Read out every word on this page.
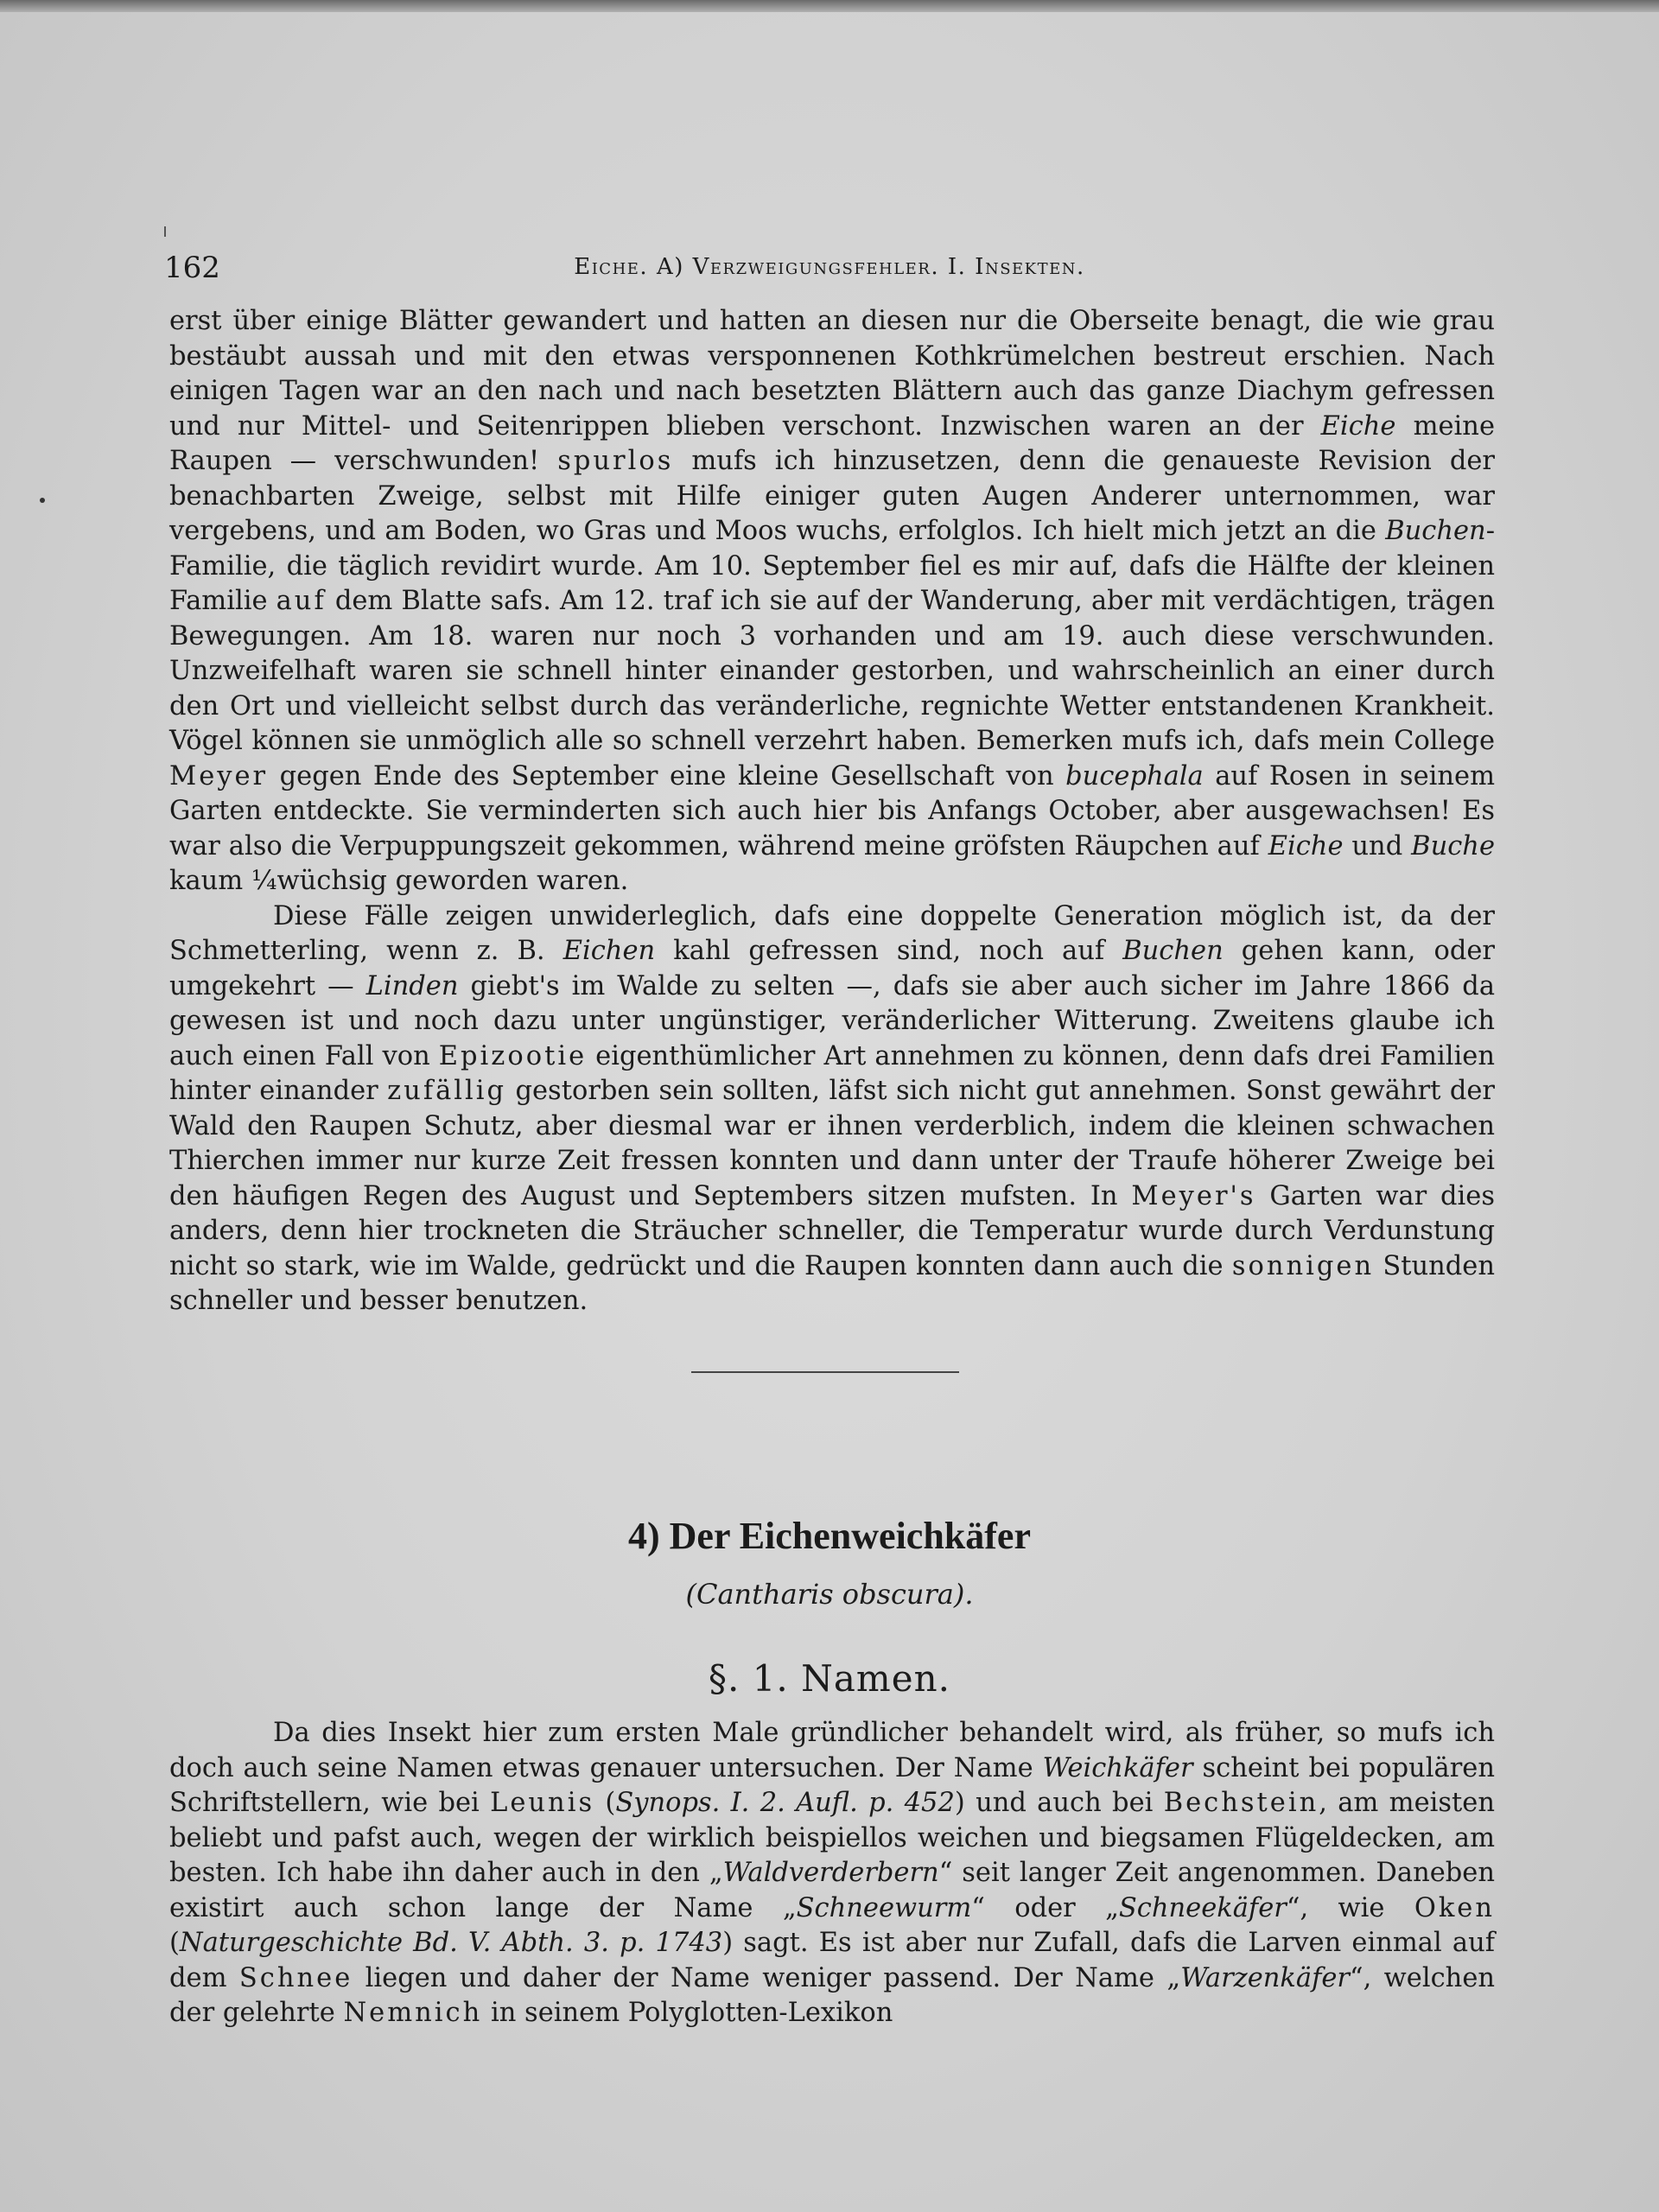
162	Eiche. A) Verzweigungsfehler. I. Insekten.

erst über einige Blätter gewandert und hatten an diesen nur die Oberseite benagt, die wie grau bestäubt aussah und mit den etwas versponnenen Kothkrümelchen bestreut erschien. Nach einigen Tagen war an den nach und nach besetzten Blättern auch das ganze Diachym gefressen und nur Mittel- und Seitenrippen blieben verschont. Inzwischen waren an der Eiche meine Raupen — verschwunden! spurlos mufs ich hinzusetzen, denn die genaueste Revision der benachbarten Zweige, selbst mit Hilfe einiger guten Augen Anderer unternommen, war vergebens, und am Boden, wo Gras und Moos wuchs, erfolglos. Ich hielt mich jetzt an die Buchen-Familie, die täglich revidirt wurde. Am 10. September fiel es mir auf, dafs die Hälfte der kleinen Familie auf dem Blatte safs. Am 12. traf ich sie auf der Wanderung, aber mit verdächtigen, trägen Bewegungen. Am 18. waren nur noch 3 vorhanden und am 19. auch diese verschwunden. Unzweifelhaft waren sie schnell hinter einander gestorben, und wahrscheinlich an einer durch den Ort und vielleicht selbst durch das veränderliche, regnichte Wetter entstandenen Krankheit. Vögel können sie unmöglich alle so schnell verzehrt haben. Bemerken mufs ich, dafs mein College Meyer gegen Ende des September eine kleine Gesellschaft von bucephala auf Rosen in seinem Garten entdeckte. Sie verminderten sich auch hier bis Anfangs October, aber ausgewachsen! Es war also die Verpuppungszeit gekommen, während meine gröfsten Räupchen auf Eiche und Buche kaum ¼wüchsig geworden waren.

Diese Fälle zeigen unwiderleglich, dafs eine doppelte Generation möglich ist, da der Schmetterling, wenn z. B. Eichen kahl gefressen sind, noch auf Buchen gehen kann, oder umgekehrt — Linden giebt's im Walde zu selten —, dafs sie aber auch sicher im Jahre 1866 da gewesen ist und noch dazu unter ungünstiger, veränderlicher Witterung. Zweitens glaube ich auch einen Fall von Epizootie eigenthümlicher Art annehmen zu können, denn dafs drei Familien hinter einander zufällig gestorben sein sollten, läfst sich nicht gut annehmen. Sonst gewährt der Wald den Raupen Schutz, aber diesmal war er ihnen verderblich, indem die kleinen schwachen Thierchen immer nur kurze Zeit fressen konnten und dann unter der Traufe höherer Zweige bei den häufigen Regen des August und Septembers sitzen mufsten. In Meyer's Garten war dies anders, denn hier trockneten die Sträucher schneller, die Temperatur wurde durch Verdunstung nicht so stark, wie im Walde, gedrückt und die Raupen konnten dann auch die sonnigen Stunden schneller und besser benutzen.

4) Der Eichenweichkäfer
(Cantharis obscura).
§. 1. Namen.

Da dies Insekt hier zum ersten Male gründlicher behandelt wird, als früher, so mufs ich doch auch seine Namen etwas genauer untersuchen. Der Name Weichkäfer scheint bei populären Schriftstellern, wie bei Leunis (Synops. I. 2. Aufl. p. 452) und auch bei Bechstein, am meisten beliebt und pafst auch, wegen der wirklich beispiellos weichen und biegsamen Flügeldecken, am besten. Ich habe ihn daher auch in den „Waldverderbern“ seit langer Zeit angenommen. Daneben existirt auch schon lange der Name „Schneewurm“ oder „Schneekäfer“, wie Oken (Naturgeschichte Bd. V. Abth. 3. p. 1743) sagt. Es ist aber nur Zufall, dafs die Larven einmal auf dem Schnee liegen und daher der Name weniger passend. Der Name „Warzenkäfer“, welchen der gelehrte Nemnich in seinem Polyglotten-Lexikon
